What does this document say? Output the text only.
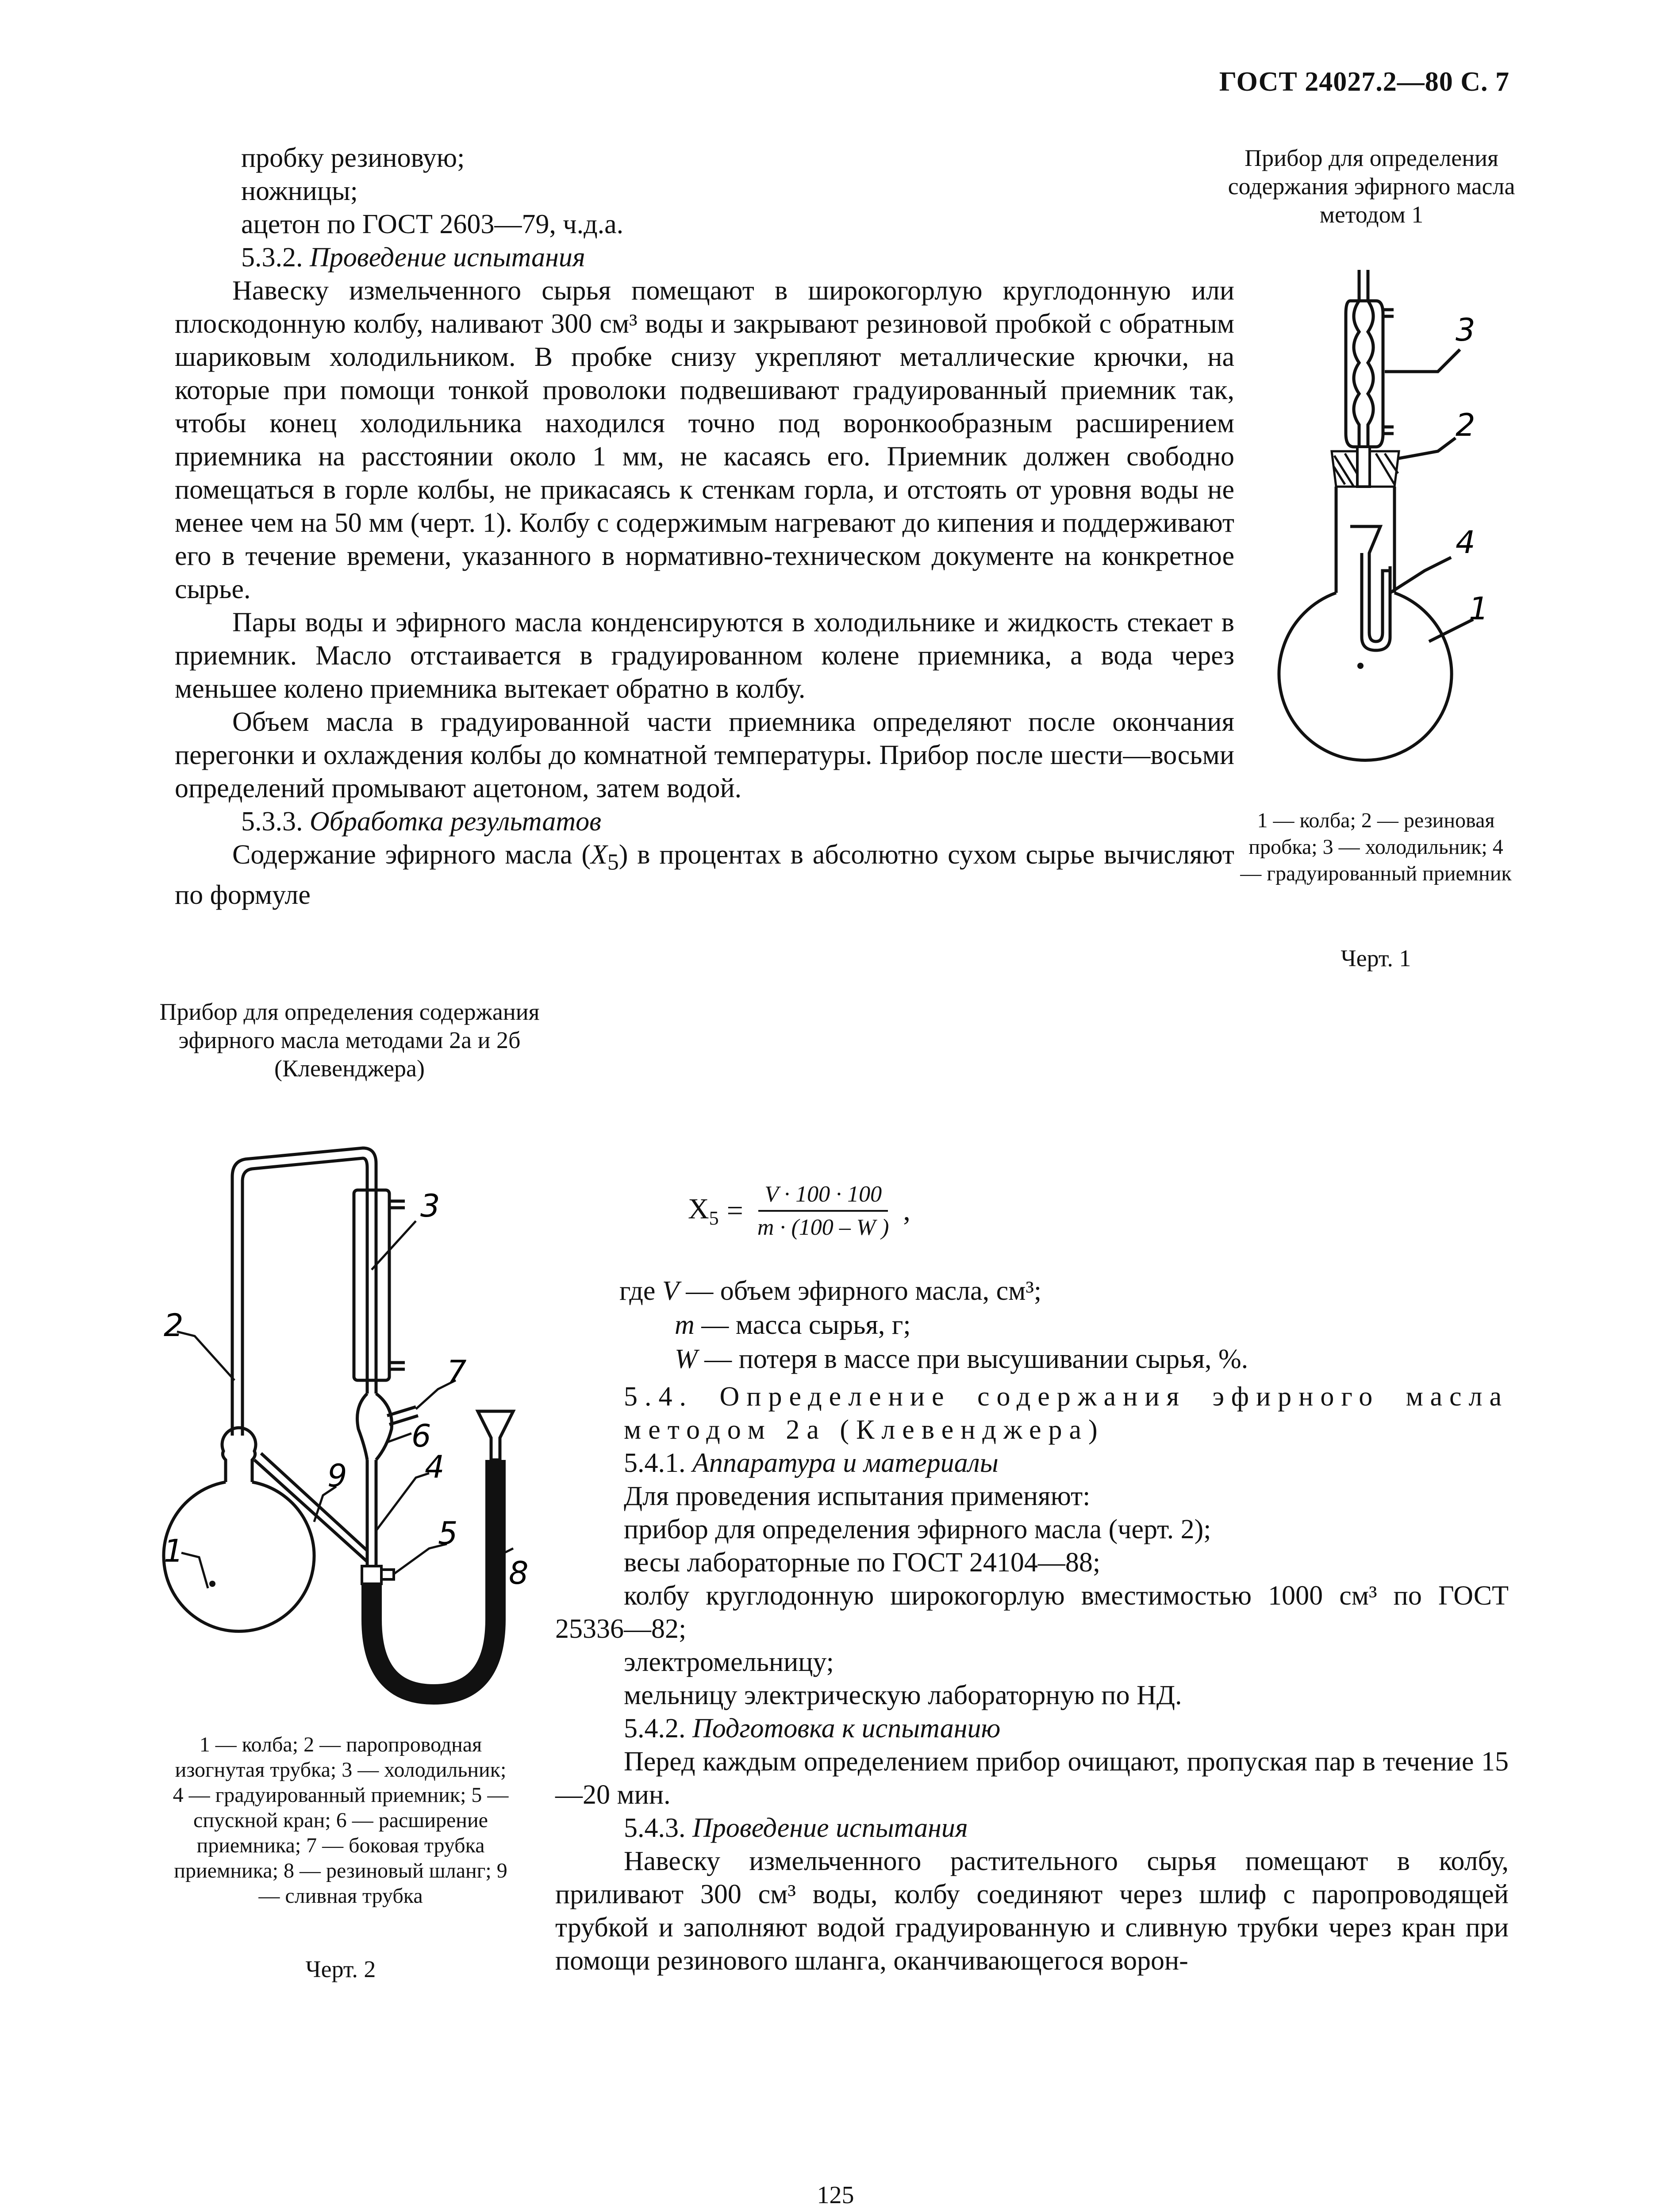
ГОСТ 24027.2—80 С. 7

пробку резиновую;

ножницы;

ацетон по ГОСТ 2603—79, ч.д.а.

5.3.2. Проведение испытания

Навеску измельченного сырья помещают в широкогорлую круглодонную или плоскодонную колбу, наливают 300 см³ воды и закрывают резиновой пробкой с обратным шариковым холодильником. В пробке снизу укрепляют металлические крючки, на которые при помощи тонкой проволоки подвешивают градуированный приемник так, чтобы конец холодильника находился точно под воронкообразным расширением приемника на расстоянии около 1 мм, не касаясь его. Приемник должен свободно помещаться в горле колбы, не прикасаясь к стенкам горла, и отстоять от уровня воды не менее чем на 50 мм (черт. 1). Колбу с содержимым нагревают до кипения и поддерживают его в течение времени, указанного в нормативно-техническом документе на конкретное сырье.

Пары воды и эфирного масла конденсируются в холодильнике и жидкость стекает в приемник. Масло отстаивается в градуированном колене приемника, а вода через меньшее колено приемника вытекает обратно в колбу.

Объем масла в градуированной части приемника определяют после окончания перегонки и охлаждения колбы до комнатной температуры. Прибор после шести—восьми определений промывают ацетоном, затем водой.

5.3.3. Обработка результатов

Содержание эфирного масла $(X_5)$ в процентах в абсолютно сухом сырье вычисляют по формуле

Прибор для определения содержания эфирного масла методом 1
3
2
4
1
1 — колба; 2 — резиновая пробка; 3 — холодильник; 4 — градуированный приемник
Черт. 1
Прибор для определения содержания эфирного масла методами 2а и 2б (Клевенджера)
2
3
7
9
6
1
4
5
8
1 — колба; 2 — паропроводная изогнутая трубка; 3 — холодильник; 4 — градуированный приемник; 5 — спускной кран; 6 — расширение приемника; 7 — боковая трубка приемника; 8 — резиновый шланг; 9 — сливная трубка
Черт. 2
$X_5 = \frac{V \cdot 100 \cdot 100}{m \cdot (100 - W )}$ ,
где V — объем эфирного масла, см³;
m — масса сырья, г;
W — потеря в массе при высушивании сырья, %.

5.4. Определение содержания эфирного масла методом 2а (Клевенджера)

5.4.1. Аппаратура и материалы

Для проведения испытания применяют:

прибор для определения эфирного масла (черт. 2);

весы лабораторные по ГОСТ 24104—88;

колбу круглодонную широкогорлую вместимостью 1000 см³ по ГОСТ 25336—82;

электромельницу;

мельницу электрическую лабораторную по НД.

5.4.2. Подготовка к испытанию

Перед каждым определением прибор очищают, пропуская пар в течение 15—20 мин.

5.4.3. Проведение испытания

Навеску измельченного растительного сырья помещают в колбу, приливают 300 см³ воды, колбу соединяют через шлиф с паропроводящей трубкой и заполняют водой градуированную и сливную трубки через кран при помощи резинового шланга, оканчивающегося ворон-

125
